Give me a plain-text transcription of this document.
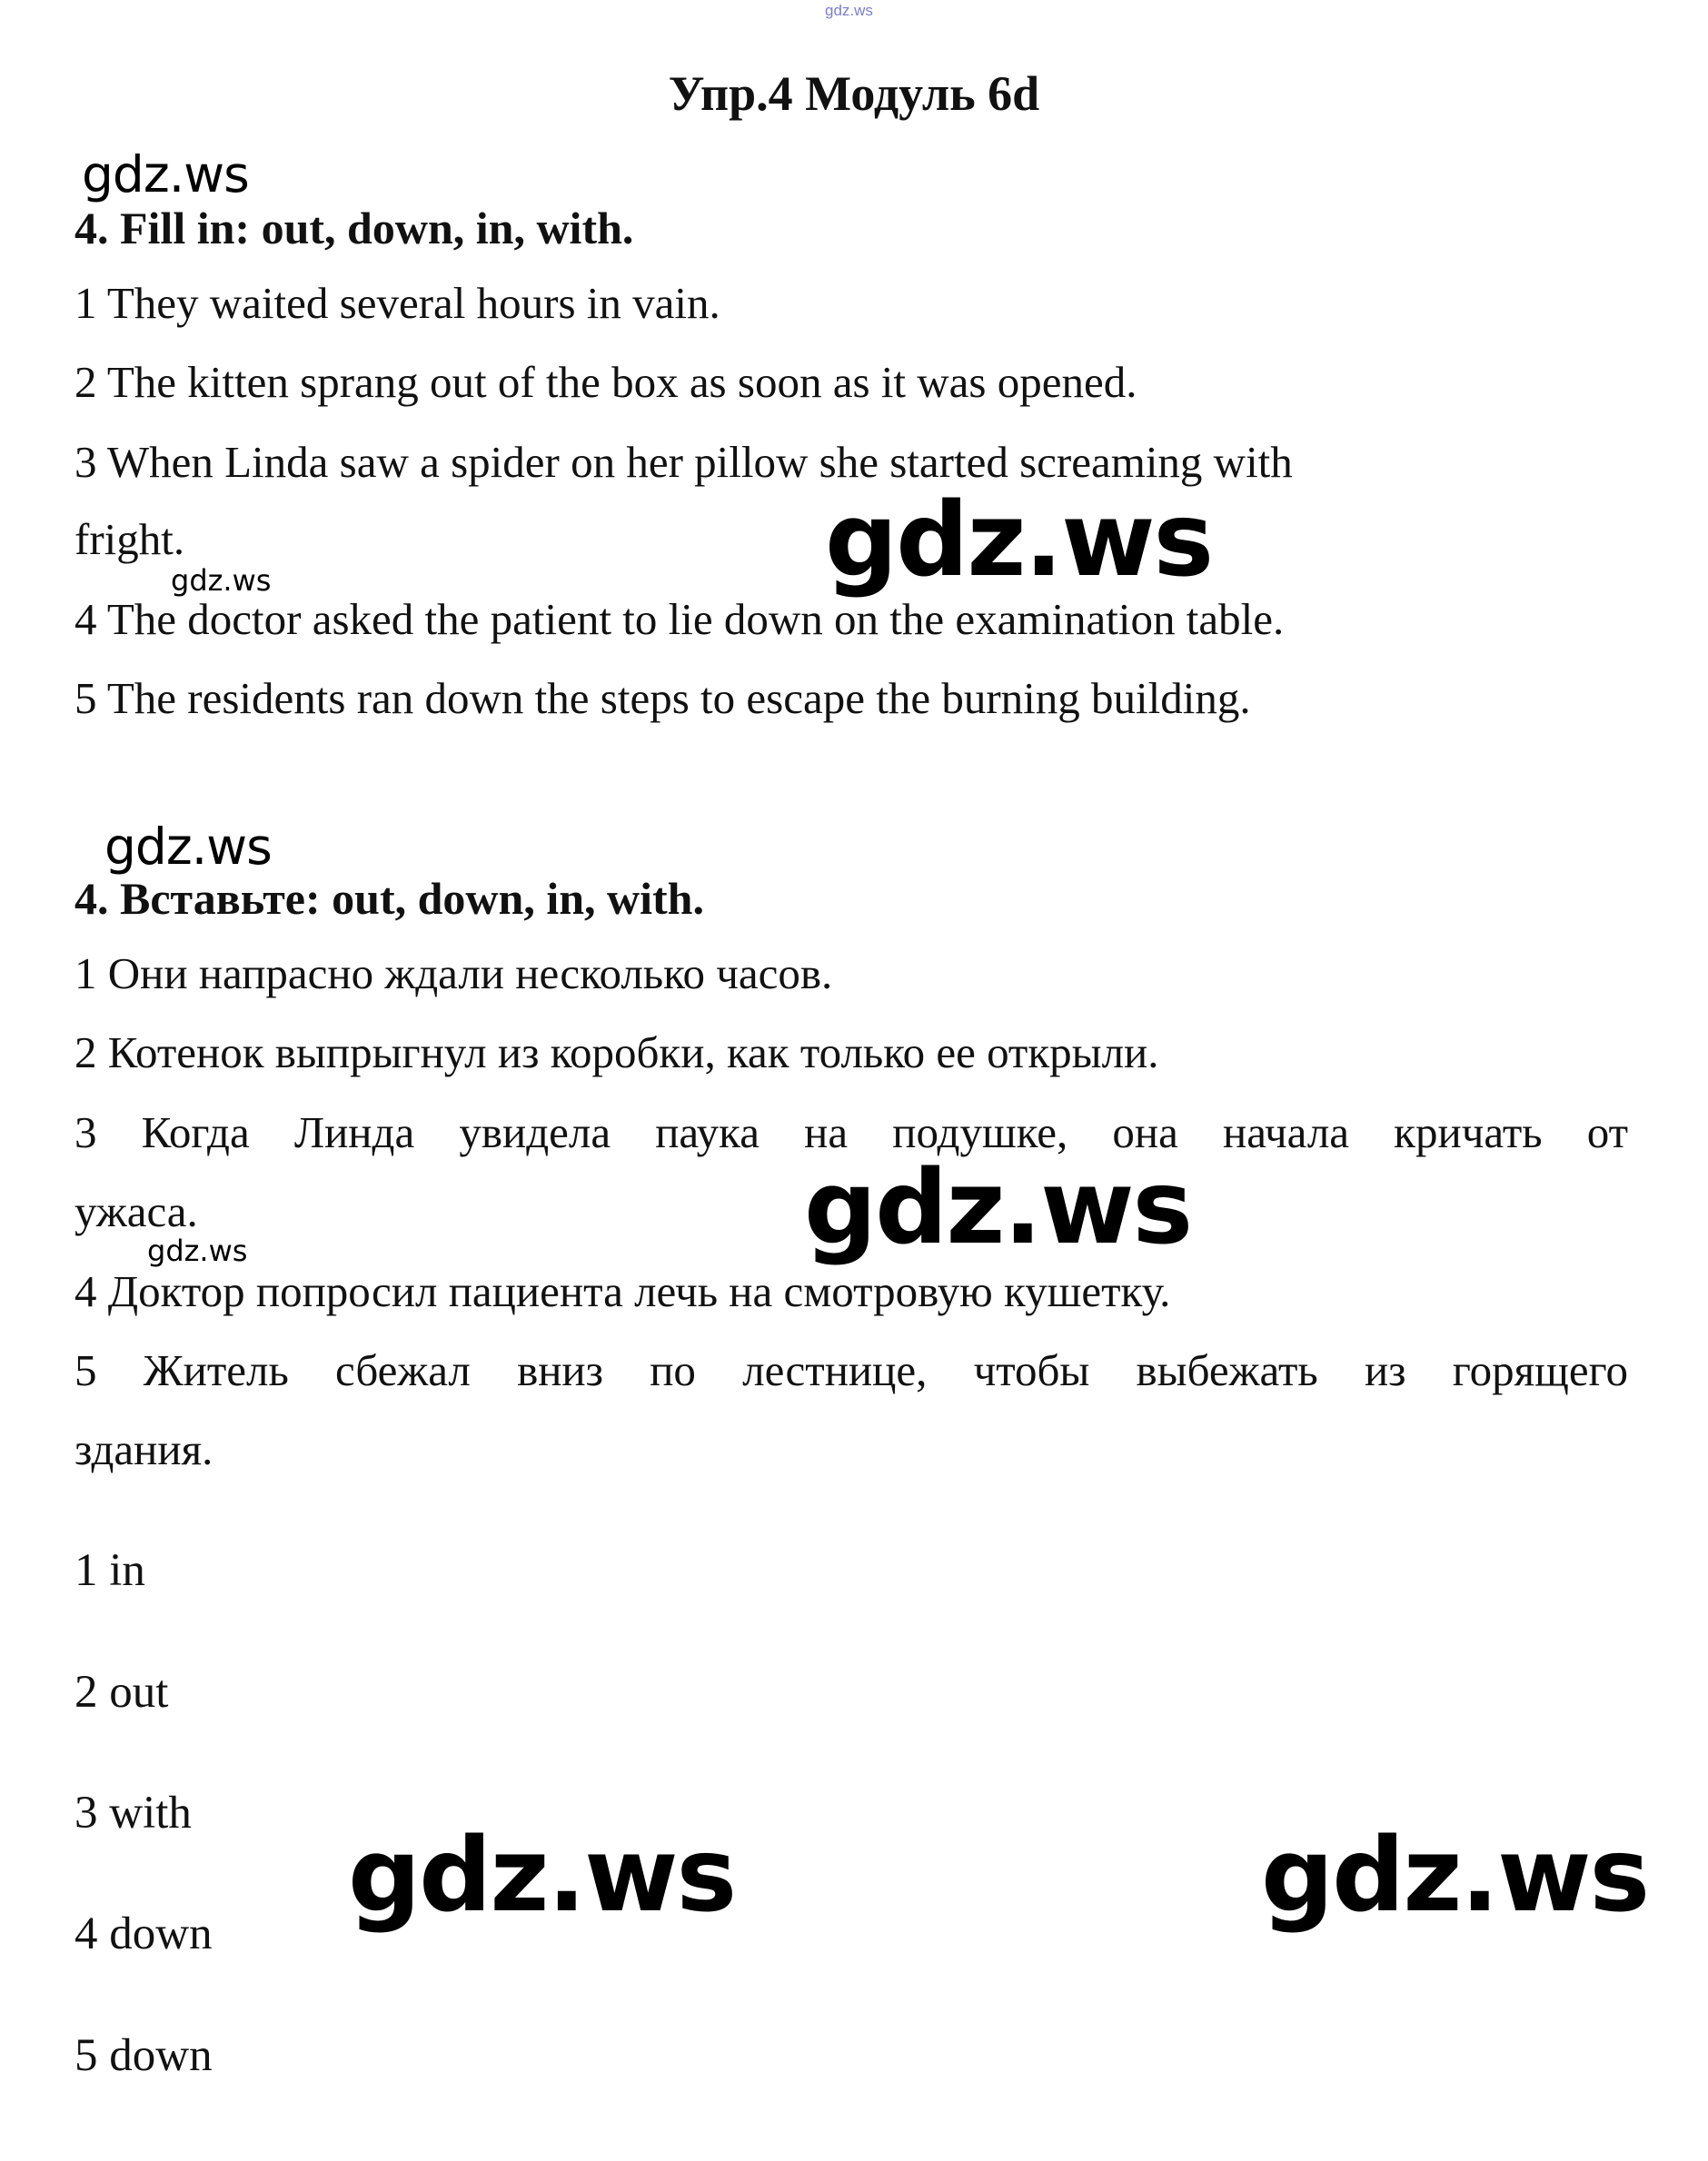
gdz.ws
Упр.4 Модуль 6d
gdz.ws
4. Fill in: out, down, in, with.
1 They waited several hours in vain.
2 The kitten sprang out of the box as soon as it was opened.
3 When Linda saw a spider on her pillow she started screaming with
fright.
gdz.ws	gdz.ws
4 The doctor asked the patient to lie down on the examination table.
5 The residents ran down the steps to escape the burning building.
gdz.ws
4. Вставьте: out, down, in, with.
1 Они напрасно ждали несколько часов.
2 Котенок выпрыгнул из коробки, как только ее открыли.
3 Когда Линда увидела паука на подушке, она начала кричать от
ужаса.
gdz.ws	gdz.ws
4 Доктор попросил пациента лечь на смотровую кушетку.
5 Житель сбежал вниз по лестнице, чтобы выбежать из горящего
здания.
1 in
2 out
3 with
4 down
5 down
gdz.ws	gdz.ws
